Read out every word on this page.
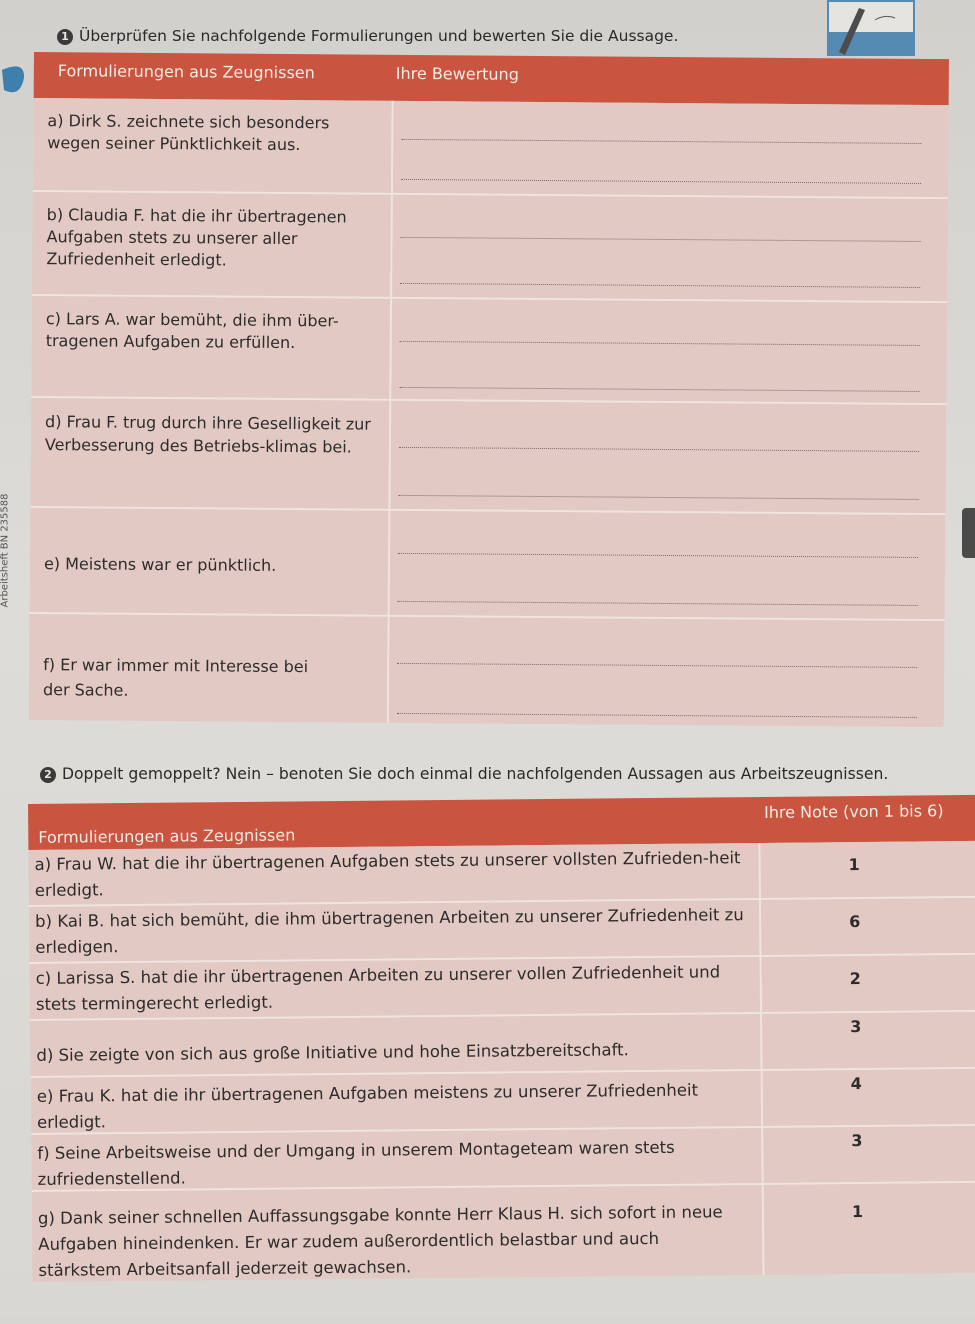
Arbeitsheft BN 235588
1 Überprüfen Sie nachfolgende Formulierungen und bewerten Sie die Aussage.
Formulierungen aus Zeugnissen	Ihre Bewertung
a) Dirk S. zeichnete sich besonders wegen seiner Pünktlichkeit aus.
b) Claudia F. hat die ihr übertragenen Aufgaben stets zu unserer aller Zufriedenheit erledigt.
c) Lars A. war bemüht, die ihm über-tragenen Aufgaben zu erfüllen.
d) Frau F. trug durch ihre Geselligkeit zur Verbesserung des Betriebs-klimas bei.
e) Meistens war er pünktlich.
f) Er war immer mit Interesse bei der Sache.
2 Doppelt gemoppelt? Nein – benoten Sie doch einmal die nachfolgenden Aussagen aus Arbeitszeugnissen.
Formulierungen aus Zeugnissen
Ihre Note (von 1 bis 6)
a) Frau W. hat die ihr übertragenen Aufgaben stets zu unserer vollsten Zufrieden-heit erledigt.
1
b) Kai B. hat sich bemüht, die ihm übertragenen Arbeiten zu unserer Zufriedenheit zu erledigen.
6
c) Larissa S. hat die ihr übertragenen Arbeiten zu unserer vollen Zufriedenheit und stets termingerecht erledigt.
2
d) Sie zeigte von sich aus große Initiative und hohe Einsatzbereitschaft.
3
e) Frau K. hat die ihr übertragenen Aufgaben meistens zu unserer Zufriedenheit erledigt.
4
f) Seine Arbeitsweise und der Umgang in unserem Montageteam waren stets zufriedenstellend.
3
g) Dank seiner schnellen Auffassungsgabe konnte Herr Klaus H. sich sofort in neue Aufgaben hineindenken. Er war zudem außerordentlich belastbar und auch stärkstem Arbeitsanfall jederzeit gewachsen.
1
